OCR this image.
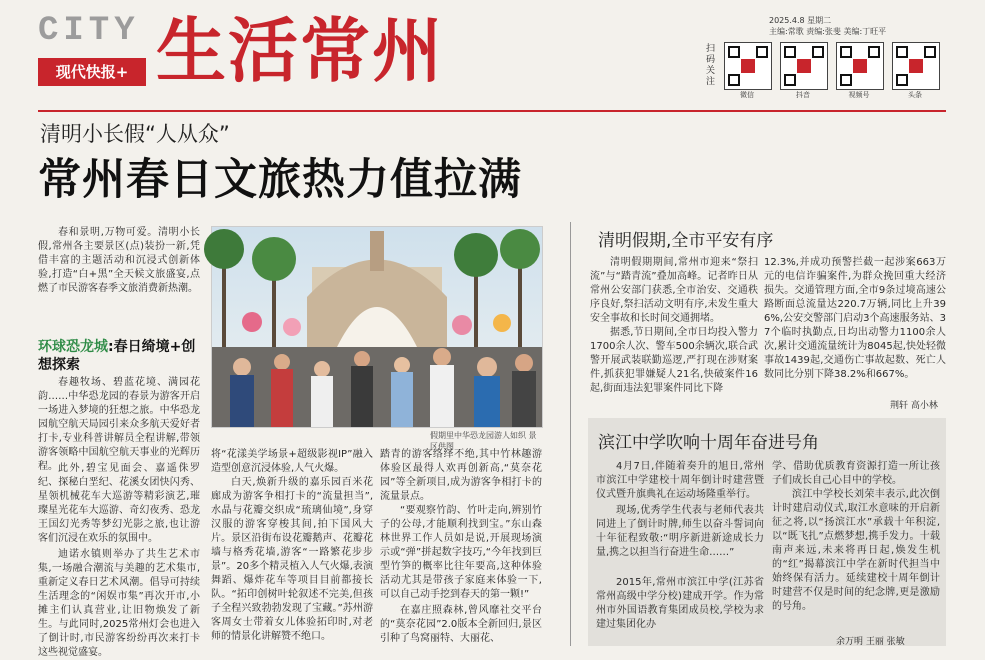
CITY
现代快报+ 生活常州	2025.4.8 星期二
主编:常歌 责编:张斐 美编:丁旺平
扫码关注
微信	抖音	视频号	头条
清明小长假“人从众”
常州春日文旅热力值拉满
春和景明,万物可爱。清明小长假,常州各主要景区(点)装扮一新,凭借丰富的主题活动和沉浸式创新体验,打造“白+黑”全天候文旅盛宴,点燃了市民游客春季文旅消费新热潮。
环球恐龙城:春日绮境+创想探索
春趣牧场、碧蓝花境、满园花韵……中华恐龙园的春景为游客开启一场进入梦境的狂想之旅。中华恐龙园航空航天局园引来众多航天爱好者打卡,专业科普讲解员全程讲解,带领游客领略中国航空航天事业的光辉历程。 此外,碧宝见面会、嘉遥侏罗纪、探秘白垩纪、花溪女团快闪秀、星领机械花车大巡游等精彩演艺,璀璨星光花车大巡游、奇幻夜秀、恐龙王国幻光秀等梦幻光影之旅,也让游客们沉浸在欢乐的氛围中。
迪诺水镇则举办了共生艺术市集,一场融合潮流与美趣的艺术集市,重新定义春日艺术风潮。倡导可持续生活理念的“闲娱市集”再次开市,小摊主们认真营业,让旧物焕发了新生。与此同时,2025常州灯会也进入了倒计时,市民游客纷纷再次来打卡这些视觉盛宴。
假期里中华恐龙园游人如织 景区供图
将“花漾美学场景+超级影视IP”融入造型创意沉浸体验,人气火爆。
白天,焕新升级的嘉乐园百米花廊成为游客争相打卡的“流量担当”,水晶与花瓣交织成“琉璃仙境”,身穿汉服的游客穿梭其间,拍下国风大片。景区沿街布设花瓣鹅声、花瓣花墙与格秀花墙,游客“一路繁花步步景”。20多个精灵植入人气火爆,表演舞蹈、爆炸花车等项目目前都接长队。“拓印创树叶轮叙述不完美,但孩子全程兴致勃勃发现了宝藏。”苏州游客周女士带着女儿体验拓印时,对老师的情景化讲解赞不绝口。
踏青的游客络绎不绝,其中竹林趣游体验区最得人欢再创新高,“莫奈花园”等全新项目,成为游客争相打卡的流量景点。
“要观察竹韵、竹叶走向,辨别竹子的公母,才能顺利找到宝。”东山森林世界工作人员如是说,开展现场演示或“弹”拼起数字技巧,“今年找到巨型竹笋的概率比往年要高,这种体验活动尤其是带孩子家庭来体验一下,可以自己动手挖到春天的第一颗!”
在嘉庄照森林,曾风靡社交平台的“莫奈花园”2.0版本全新回归,景区引种了鸟窝丽特、大丽花、
清明假期,全市平安有序
清明假期期间,常州市迎来“祭扫流”与“踏青流”叠加高峰。记者昨日从常州公安部门获悉,全市治安、交通秩序良好,祭扫活动文明有序,未发生重大安全事故和长时间交通拥堵。
据悉,节日期间,全市日均投入警力1700余人次、警车500余辆次,联合武警开展武装联勤巡逻,严打现在涉财案件,抓获犯罪嫌疑人21名,快破案件16起,街面违法犯罪案件同比下降
12.3%,并成功预警拦截一起涉案663万元的电信诈骗案件,为群众挽回重大经济损失。交通管理方面,全市9条过境高速公路断面总流量达220.7万辆,同比上升396%,公安交警部门启动3个高速服务站、37个临时执勤点,日均出动警力1100余人次,累计交通流量统计为8045起,快处轻微事故1439起,交通伤亡事故起数、死亡人数同比分别下降38.2%和667%。
荆轩 高小林
滨江中学吹响十周年奋进号角
4月7日,伴随着奏升的旭日,常州市滨江中学建校十周年倒计时建营暨仪式暨升旗典礼在运动场隆重举行。
现场,优秀学生代表与老师代表共同进上了倒计时牌,师生以奋斗誓词向十年征程致敬:“明序新进新途成长力量,携之以担当行奋进生命……”
2015年,常州市滨江中学(江苏省常州高级中学分校)建成开学。作为常州市外国语教育集团成员校,学校为求建过集团化办
学、借助优质教育资源打造一所让孩子们成长自己心目中的学校。
滨江中学校长刘荣丰表示,此次倒计时建启动仪式,取江水意味的开启新征之将,以“扬滨江水”承载十年积淀,以“既飞扎”点燃梦想,携手发力。十载南声来远,未来将再日起,焕发生机的“红”揭幕滨江中学在新时代担当中始终保有活力。延续建校十周年倒计时建营不仅是时间的纪念牌,更是激励的号角。
余万明 王丽 张敏
